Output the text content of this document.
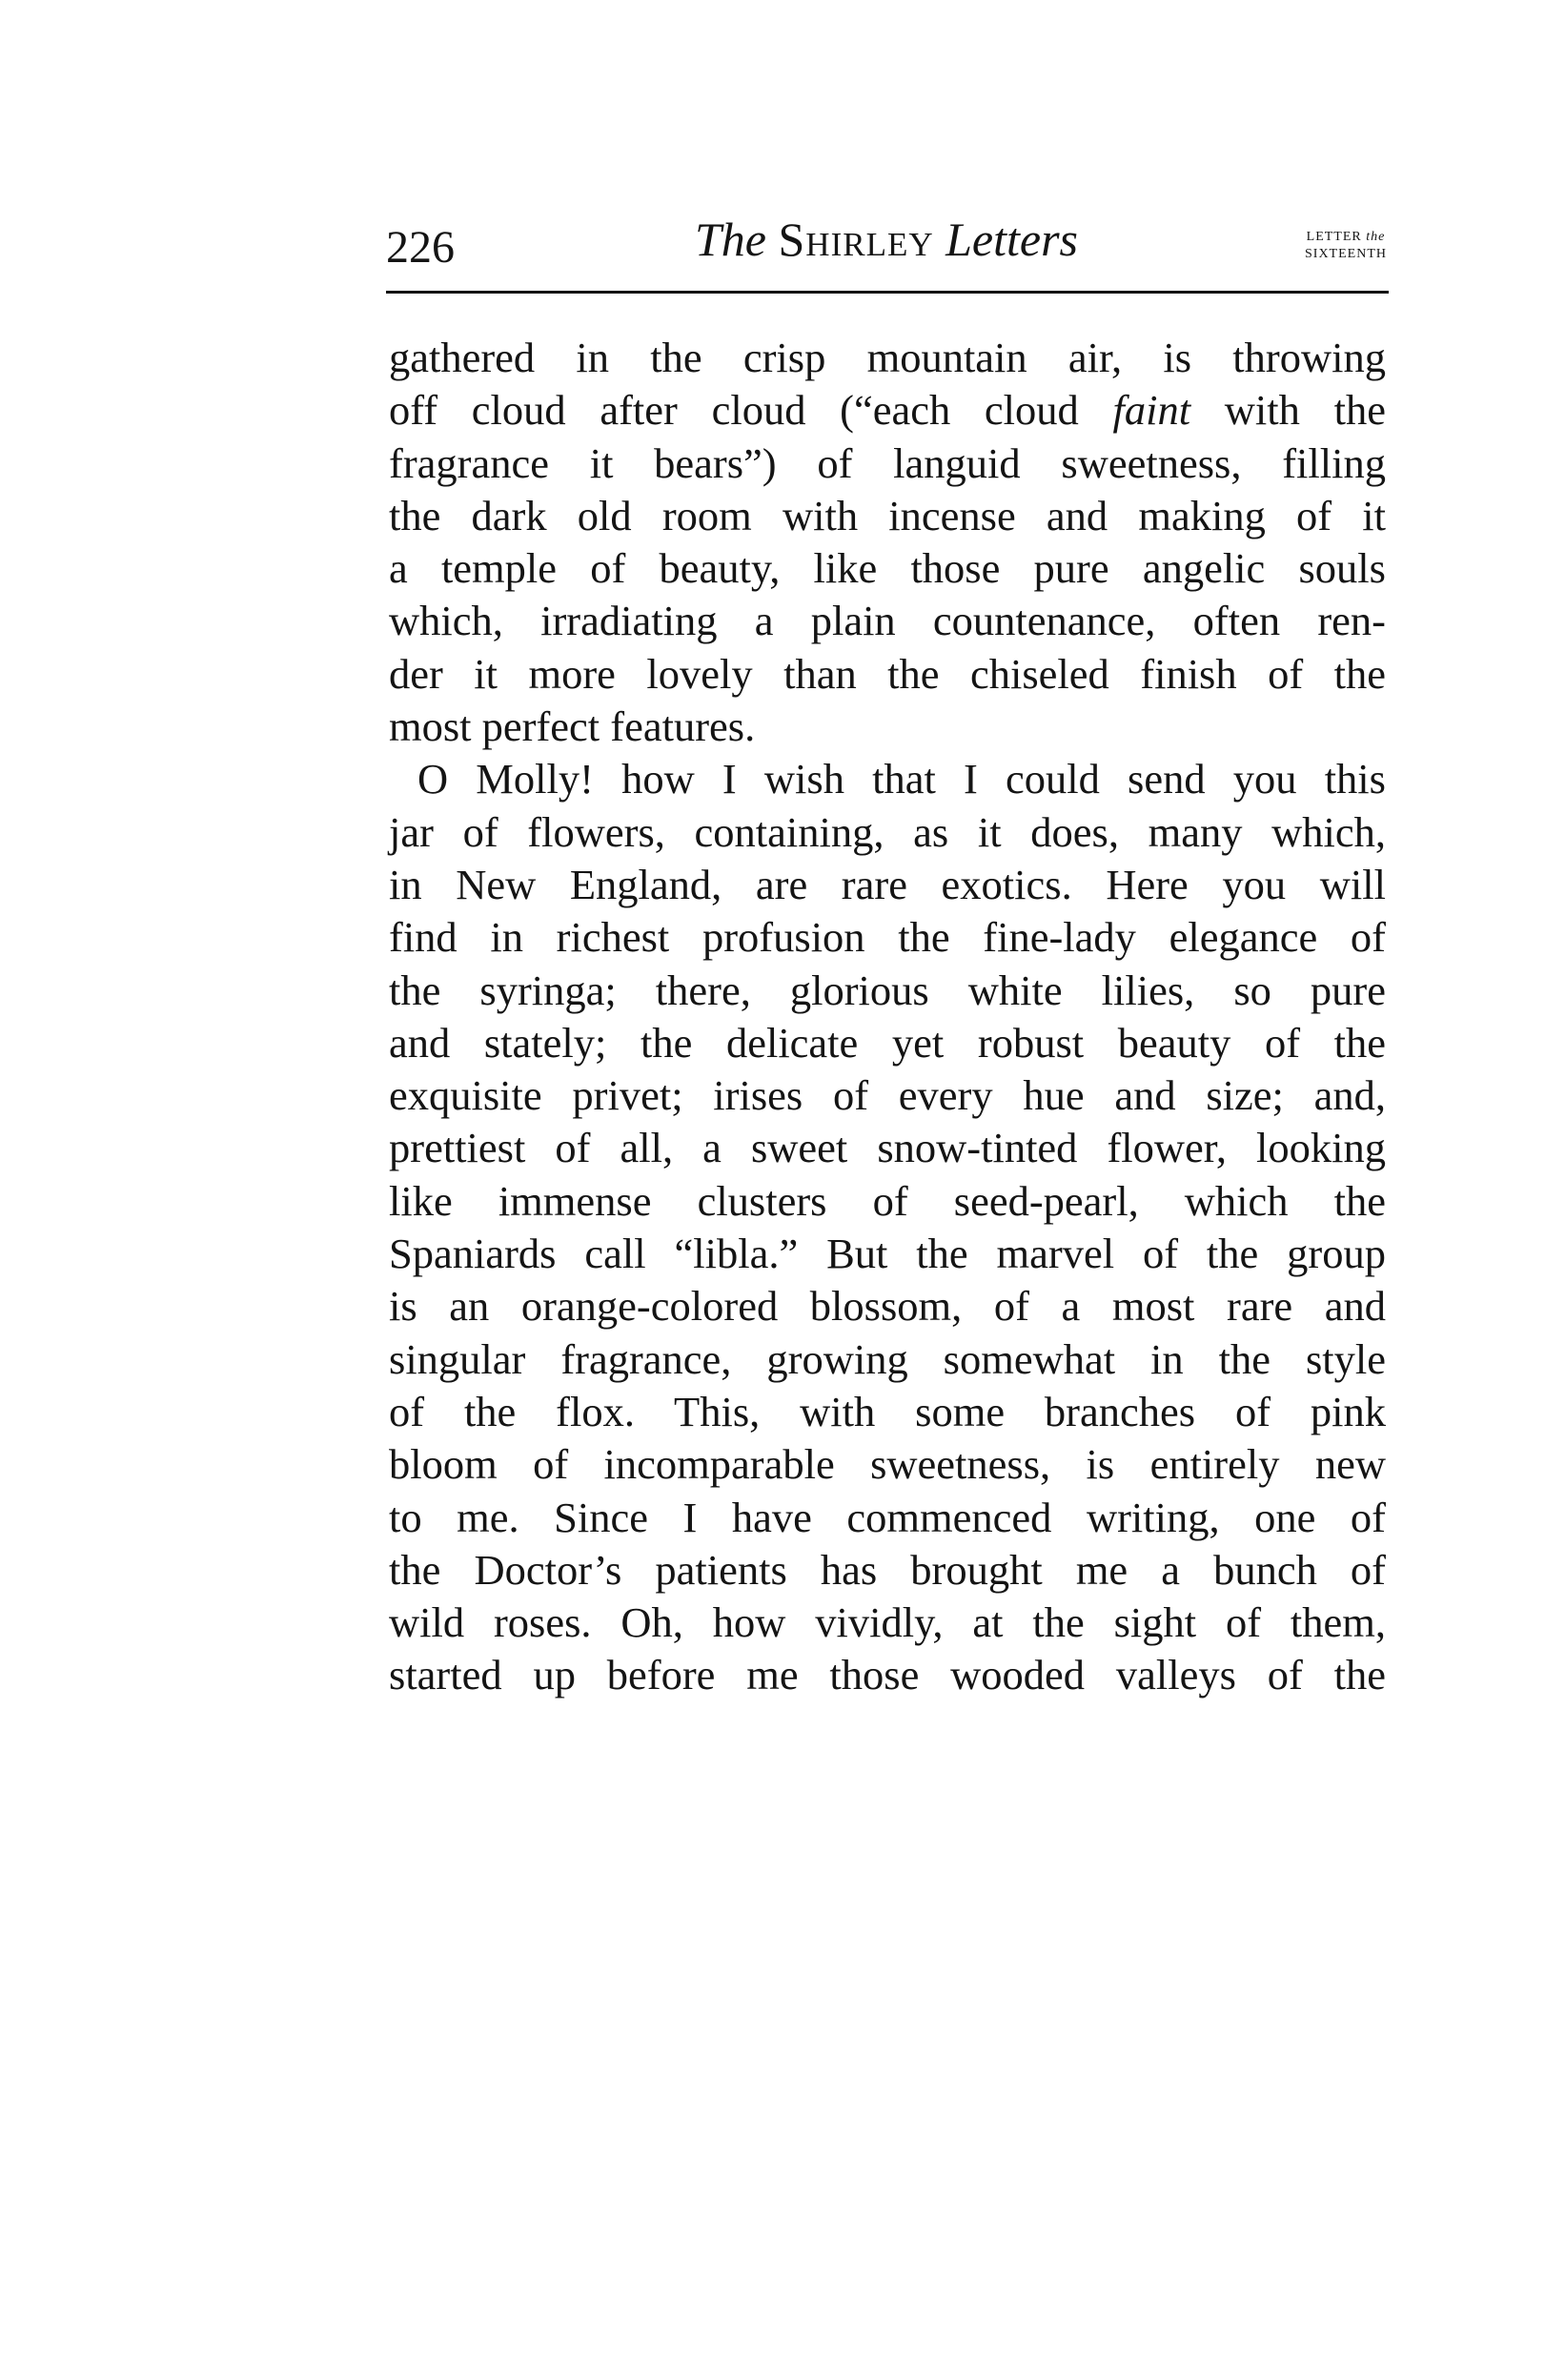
226	The Shirley Letters	LETTER the
SIXTEENTH
gathered in the crisp mountain air, is throwing
off cloud after cloud (“each cloud faint with the
fragrance it bears”) of languid sweetness, filling
the dark old room with incense and making of it
a temple of beauty, like those pure angelic souls
which, irradiating a plain countenance, often ren-
der it more lovely than the chiseled finish of the
most perfect features.
O Molly! how I wish that I could send you this
jar of flowers, containing, as it does, many which,
in New England, are rare exotics. Here you will
find in richest profusion the fine-lady elegance of
the syringa; there, glorious white lilies, so pure
and stately; the delicate yet robust beauty of the
exquisite privet; irises of every hue and size; and,
prettiest of all, a sweet snow-tinted flower, looking
like immense clusters of seed-pearl, which the
Spaniards call “libla.” But the marvel of the group
is an orange-colored blossom, of a most rare and
singular fragrance, growing somewhat in the style
of the flox. This, with some branches of pink
bloom of incomparable sweetness, is entirely new
to me. Since I have commenced writing, one of
the Doctor’s patients has brought me a bunch of
wild roses. Oh, how vividly, at the sight of them,
started up before me those wooded valleys of the
